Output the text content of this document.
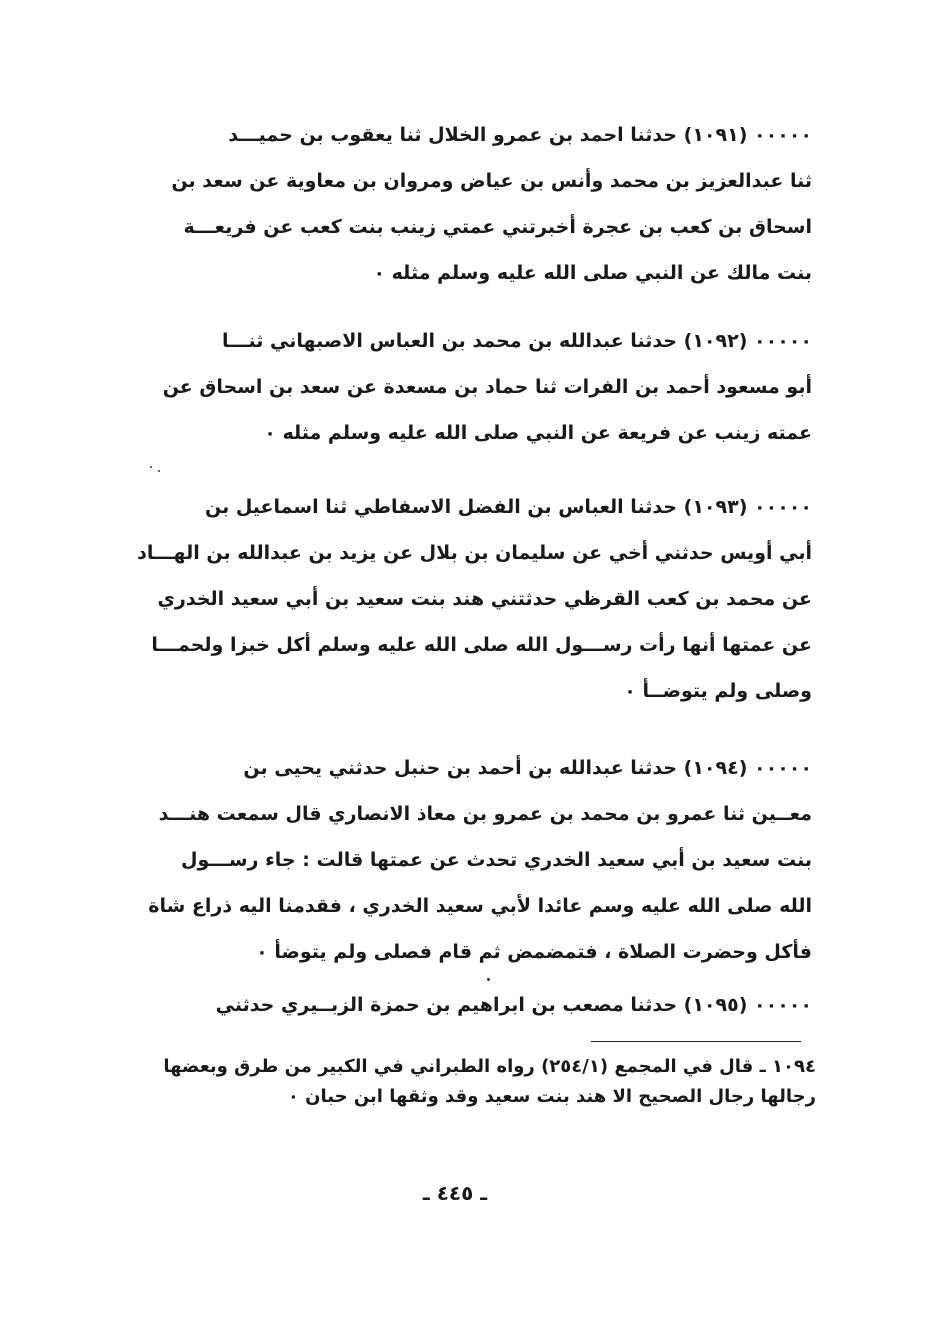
٠٠٠٠٠ (١٠٩١) حدثنا احمد بن عمرو الخلال ثنا يعقوب بن حميـــد
ثنا عبدالعزيز بن محمد وأنس بن عياض ومروان بن معاوية عن سعد بن
اسحاق بن كعب بن عجرة أخبرتني عمتي زينب بنت كعب عن فريعـــة
بنت مالك عن النبي صلى الله عليه وسلم مثله ٠
٠٠٠٠٠ (١٠٩٢) حدثنا عبدالله بن محمد بن العباس الاصبهاني ثنـــا
أبو مسعود أحمد بن الفرات ثنا حماد بن مسعدة عن سعد بن اسحاق عن
عمته زينب عن فريعة عن النبي صلى الله عليه وسلم مثله ٠
٠٠٠٠٠ (١٠٩٣) حدثنا العباس بن الفضل الاسفاطي ثنا اسماعيل بن
أبي أويس حدثني أخي عن سليمان بن بلال عن يزيد بن عبدالله بن الهـــاد
عن محمد بن كعب القرظي حدثتني هند بنت سعيد بن أبي سعيد الخدري
عن عمتها أنها رأت رســـول الله صلى الله عليه وسلم أكل خبزا ولحمـــا
وصلى ولم يتوضــأ ٠
٠٠٠٠٠ (١٠٩٤) حدثنا عبدالله بن أحمد بن حنبل حدثني يحيى بن
معــين ثنا عمرو بن محمد بن عمرو بن معاذ الانصاري قال سمعت هنـــد
بنت سعيد بن أبي سعيد الخدري تحدث عن عمتها قالت : جاء رســـول
الله صلى الله عليه وسم عائدا لأبي سعيد الخدري ، فقدمنا اليه ذراع شاة
فأكل وحضرت الصلاة ، فتمضمض ثم قام فصلى ولم يتوضأ ٠
٠٠٠٠٠ (١٠٩٥) حدثنا مصعب بن ابراهيم بن حمزة الزبــيري حدثني
١٠٩٤ ـ قال في المجمع (٢٥٤/١) رواه الطبراني في الكبير من طرق وبعضها
رجالها رجال الصحيح الا هند بنت سعيد وقد وثقها ابن حبان ٠
ـ ٤٤٥ ـ
